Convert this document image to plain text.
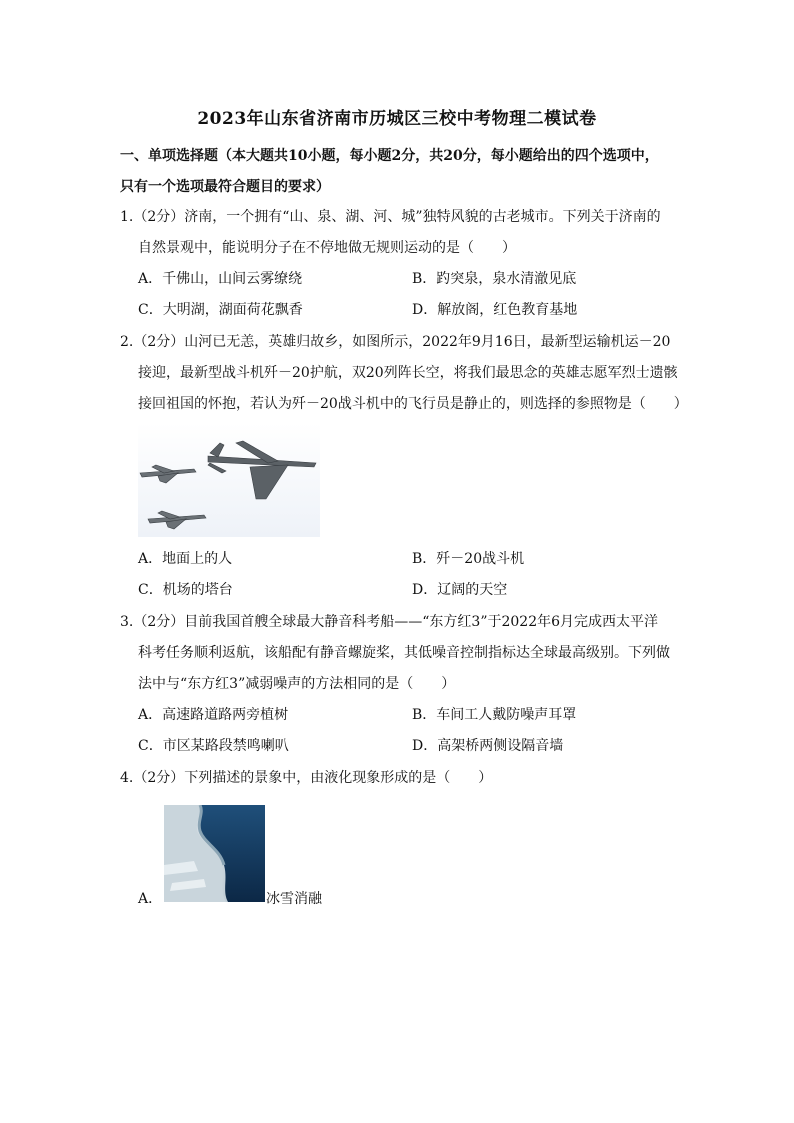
2023年山东省济南市历城区三校中考物理二模试卷
一、单项选择题（本大题共10小题，每小题2分，共20分，每小题给出的四个选项中，
只有一个选项最符合题目的要求）
1.（2分）济南，一个拥有“山、泉、湖、河、城”独特风貌的古老城市。下列关于济南的
自然景观中，能说明分子在不停地做无规则运动的是（　　）
A．千佛山，山间云雾缭绕	B．趵突泉，泉水清澈见底
C．大明湖，湖面荷花飘香	D．解放阁，红色教育基地
2.（2分）山河已无恙，英雄归故乡，如图所示，2022年9月16日，最新型运输机运－20
接迎，最新型战斗机歼－20护航，双20列阵长空，将我们最思念的英雄志愿军烈士遗骸
接回祖国的怀抱，若认为歼－20战斗机中的飞行员是静止的，则选择的参照物是（　　）
A．地面上的人	B．歼－20战斗机
C．机场的塔台	D．辽阔的天空
3.（2分）目前我国首艘全球最大静音科考船——“东方红3”于2022年6月完成西太平洋
科考任务顺利返航，该船配有静音螺旋桨，其低噪音控制指标达全球最高级别。下列做
法中与“东方红3”减弱噪声的方法相同的是（　　）
A．高速路道路两旁植树	B．车间工人戴防噪声耳罩
C．市区某路段禁鸣喇叭	D．高架桥两侧设隔音墙
4.（2分）下列描述的景象中，由液化现象形成的是（　　）
A．	冰雪消融
